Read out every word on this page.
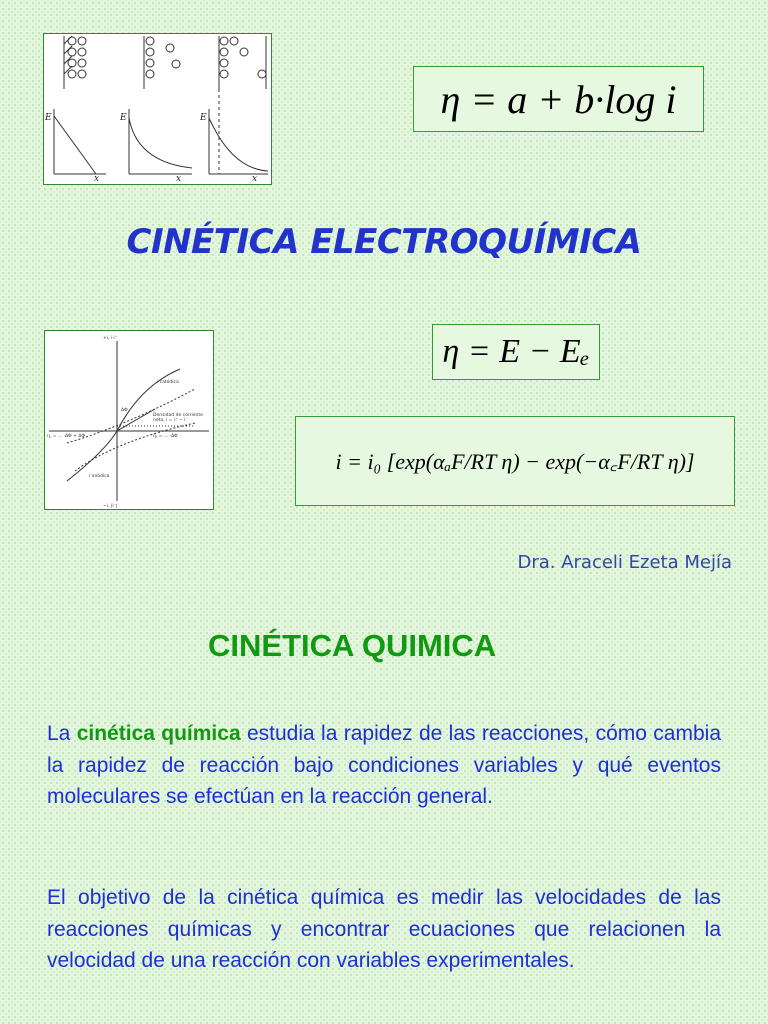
E	E	E
x	x	x
η = a + b·log i
CINÉTICA ELECTROQUÍMICA
+i, i·i⁻
−i, |i⁻|
η, = ... ·ΔΦ + ΔΦ	η, = ... ·ΔΦ
i catódica
i anódica
Densidad de corriente
neta, i = i⁺ − i⁻
ΔΦ
η = E − Eₑ
i = i₀ [exp(αₐF/RT η) − exp(−α꜀F/RT η)]
Dra. Araceli Ezeta Mejía
CINÉTICA QUIMICA
La cinética química estudia la rapidez de las reacciones, cómo cambia la rapidez de reacción bajo condiciones variables y qué eventos moleculares se efectúan en la reacción general.
El objetivo de la cinética química es medir las velocidades de las reacciones químicas y encontrar ecuaciones que relacionen la velocidad de una reacción con variables experimentales.
